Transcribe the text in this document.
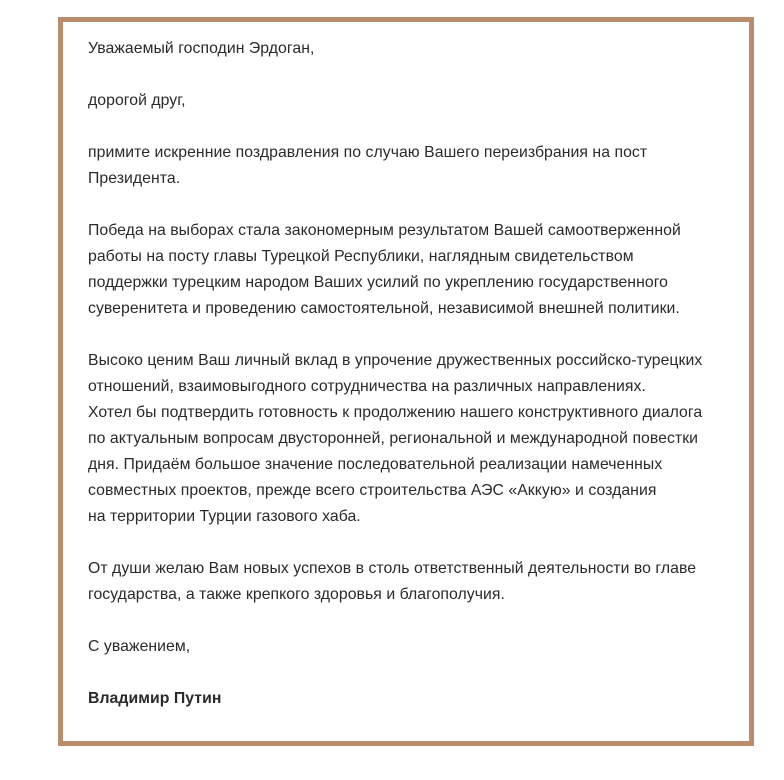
Уважаемый господин Эрдоган,

дорогой друг,

примите искренние поздравления по случаю Вашего переизбрания на пост
Президента.

Победа на выборах стала закономерным результатом Вашей самоотверженной
работы на посту главы Турецкой Республики, наглядным свидетельством
поддержки турецким народом Ваших усилий по укреплению государственного
суверенитета и проведению самостоятельной, независимой внешней политики.

Высоко ценим Ваш личный вклад в упрочение дружественных российско-турецких
отношений, взаимовыгодного сотрудничества на различных направлениях.
Хотел бы подтвердить готовность к продолжению нашего конструктивного диалога
по актуальным вопросам двусторонней, региональной и международной повестки
дня. Придаём большое значение последовательной реализации намеченных
совместных проектов, прежде всего строительства АЭС «Аккую» и создания
на территории Турции газового хаба.

От души желаю Вам новых успехов в столь ответственный деятельности во главе
государства, а также крепкого здоровья и благополучия.

С уважением,

Владимир Путин
